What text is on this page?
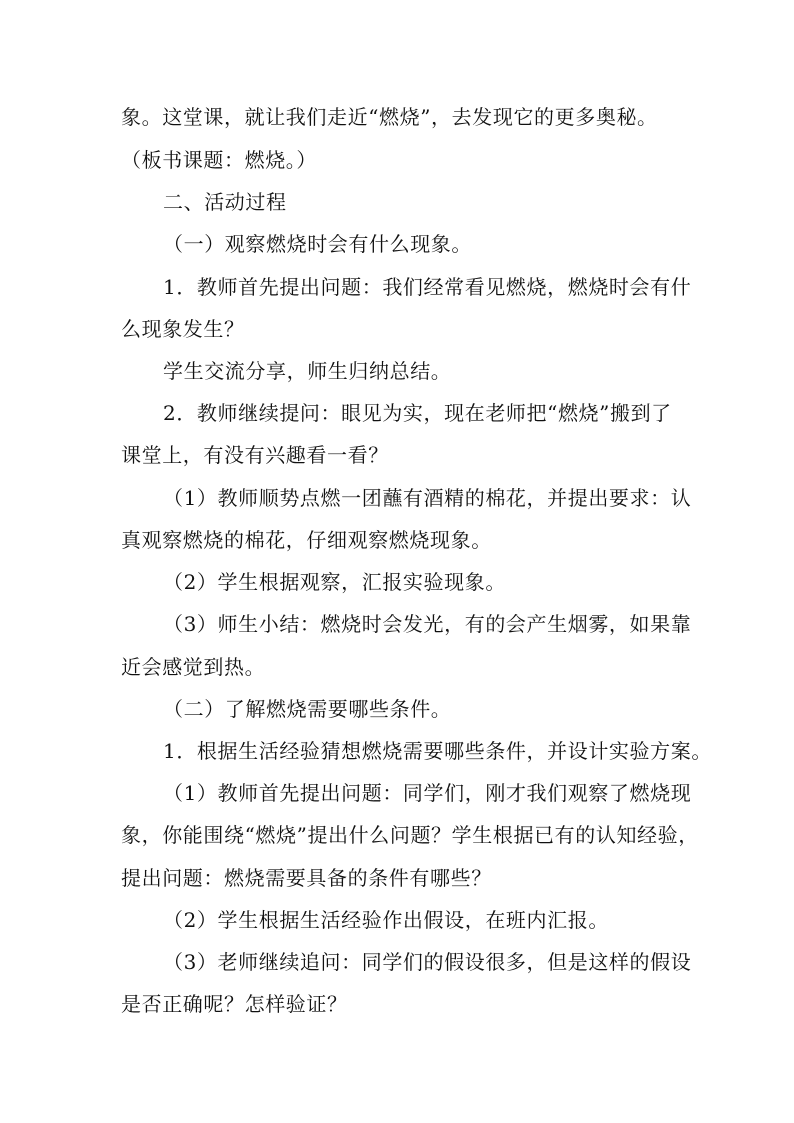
象。这堂课，就让我们走近“燃烧”，去发现它的更多奥秘。
（板书课题：燃烧。）
二、活动过程
（一）观察燃烧时会有什么现象。
1．教师首先提出问题：我们经常看见燃烧，燃烧时会有什
么现象发生？
学生交流分享，师生归纳总结。
2．教师继续提问：眼见为实，现在老师把“燃烧”搬到了
课堂上，有没有兴趣看一看？
（1）教师顺势点燃一团蘸有酒精的棉花，并提出要求：认
真观察燃烧的棉花，仔细观察燃烧现象。
（2）学生根据观察，汇报实验现象。
（3）师生小结：燃烧时会发光，有的会产生烟雾，如果靠
近会感觉到热。
（二）了解燃烧需要哪些条件。
1．根据生活经验猜想燃烧需要哪些条件，并设计实验方案。
（1）教师首先提出问题：同学们，刚才我们观察了燃烧现
象，你能围绕“燃烧”提出什么问题？学生根据已有的认知经验，
提出问题：燃烧需要具备的条件有哪些？
（2）学生根据生活经验作出假设，在班内汇报。
（3）老师继续追问：同学们的假设很多，但是这样的假设
是否正确呢？怎样验证？
